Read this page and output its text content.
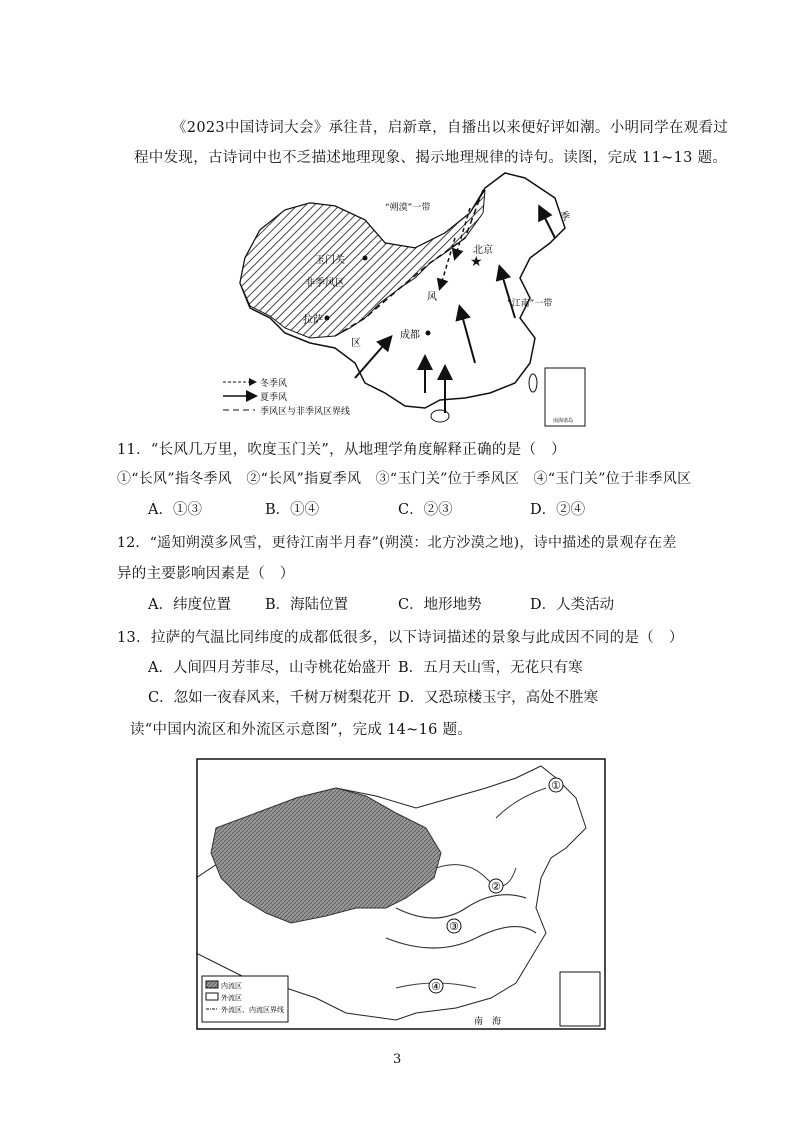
《2023中国诗词大会》承往昔，启新章，自播出以来便好评如潮。小明同学在观看过
程中发现，古诗词中也不乏描述地理现象、揭示地理规律的诗句。读图，完成 11~13 题。
南海诸岛
玉门关	★
北京
成都
拉萨
非季风区
“朔漠”一带
“江南”一带
季
风
区
冬季风
夏季风
季风区与非季风区界线
11．“长风几万里，吹度玉门关”，从地理学角度解释正确的是（　）
①“长风”指冬季风　②“长风”指夏季风　③“玉门关”位于季风区　④“玉门关”位于非季风区
A．①③	B．①④	C．②③	D．②④
12．“遥知朔漠多风雪，更待江南半月春”(朔漠：北方沙漠之地)，诗中描述的景观存在差
异的主要影响因素是（　）
A．纬度位置 B．海陆位置	C．地形地势	D．人类活动
13．拉萨的气温比同纬度的成都低很多，以下诗词描述的景象与此成因不同的是（　）
A．人间四月芳菲尽，山寺桃花始盛开 B．五月天山雪，无花只有寒
C．忽如一夜春风来，千树万树梨花开 D．又恐琼楼玉宇，高处不胜寒
读“中国内流区和外流区示意图”，完成 14~16 题。
①
②
③
④
南　海
内流区
外流区
外流区、内流区界线
3
